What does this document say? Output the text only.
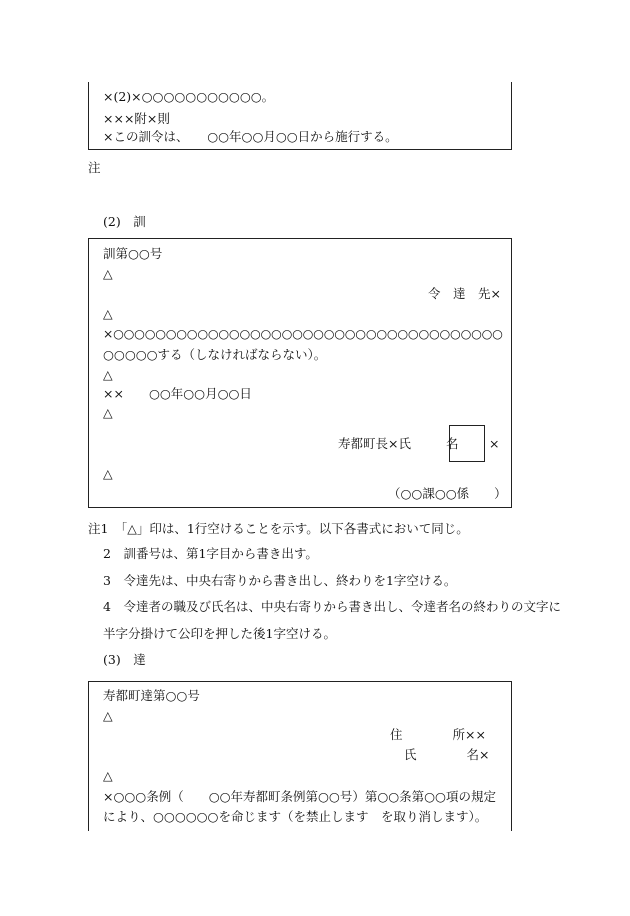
×(2)×○○○○○○○○○○○。
×××附×則
×この訓令は、　　○○年○○月○○日から施行する。
注
(2)　訓
訓第○○号
△
令　達　先×
△
×○○○○○○○○○○○○○○○○○○○○○○○○○○○○○○○○○○○○○
○○○○○する（しなければならない）。
△
××　　○○年○○月○○日
△
寿都町長×氏	名 ×
△
（○○課○○係　　）
注1　「△」印は、1行空けることを示す。以下各書式において同じ。
2　訓番号は、第1字目から書き出す。
3　令達先は、中央右寄りから書き出し、終わりを1字空ける。
4　令達者の職及び氏名は、中央右寄りから書き出し、令達者名の終わりの文字に
半字分掛けて公印を押した後1字空ける。
(3)　達
寿都町達第○○号
△
住　　　　所××
氏　　　　名×
△
×○○○条例（　　○○年寿都町条例第○○号）第○○条第○○項の規定
により、○○○○○○を命じます（を禁止します　を取り消します）。
